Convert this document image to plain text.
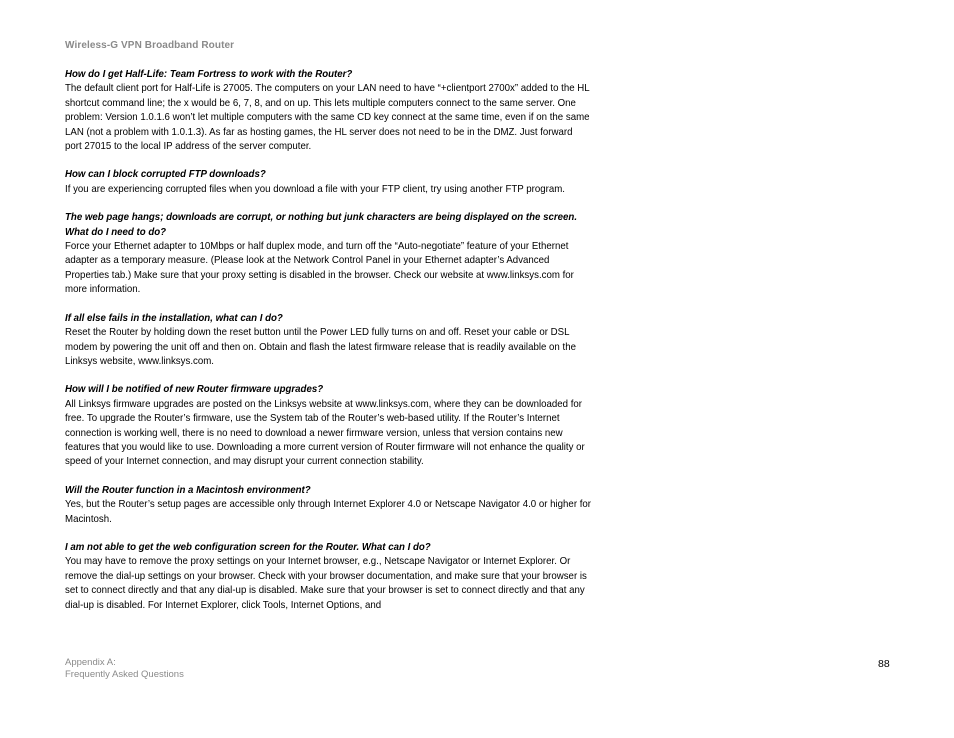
Wireless-G VPN Broadband Router

How do I get Half-Life: Team Fortress to work with the Router?

The default client port for Half-Life is 27005. The computers on your LAN need to have “+clientport 2700x” added to the HL shortcut command line; the x would be 6, 7, 8, and on up. This lets multiple computers connect to the same server. One problem: Version 1.0.1.6 won’t let multiple computers with the same CD key connect at the same time, even if on the same LAN (not a problem with 1.0.1.3). As far as hosting games, the HL server does not need to be in the DMZ. Just forward port 27015 to the local IP address of the server computer.

How can I block corrupted FTP downloads?

If you are experiencing corrupted files when you download a file with your FTP client, try using another FTP program.

The web page hangs; downloads are corrupt, or nothing but junk characters are being displayed on the screen. What do I need to do?

Force your Ethernet adapter to 10Mbps or half duplex mode, and turn off the “Auto-negotiate” feature of your Ethernet adapter as a temporary measure. (Please look at the Network Control Panel in your Ethernet adapter’s Advanced Properties tab.) Make sure that your proxy setting is disabled in the browser. Check our website at www.linksys.com for more information.

If all else fails in the installation, what can I do?

Reset the Router by holding down the reset button until the Power LED fully turns on and off. Reset your cable or DSL modem by powering the unit off and then on. Obtain and flash the latest firmware release that is readily available on the Linksys website, www.linksys.com.

How will I be notified of new Router firmware upgrades?

All Linksys firmware upgrades are posted on the Linksys website at www.linksys.com, where they can be downloaded for free. To upgrade the Router’s firmware, use the System tab of the Router’s web-based utility. If the Router’s Internet connection is working well, there is no need to download a newer firmware version, unless that version contains new features that you would like to use. Downloading a more current version of Router firmware will not enhance the quality or speed of your Internet connection, and may disrupt your current connection stability.

Will the Router function in a Macintosh environment?

Yes, but the Router’s setup pages are accessible only through Internet Explorer 4.0 or Netscape Navigator 4.0 or higher for Macintosh.

I am not able to get the web configuration screen for the Router. What can I do?

You may have to remove the proxy settings on your Internet browser, e.g., Netscape Navigator or Internet Explorer. Or remove the dial-up settings on your browser. Check with your browser documentation, and make sure that your browser is set to connect directly and that any dial-up is disabled. Make sure that your browser is set to connect directly and that any dial-up is disabled. For Internet Explorer, click Tools, Internet Options, and

Appendix A:
Frequently Asked Questions

88
